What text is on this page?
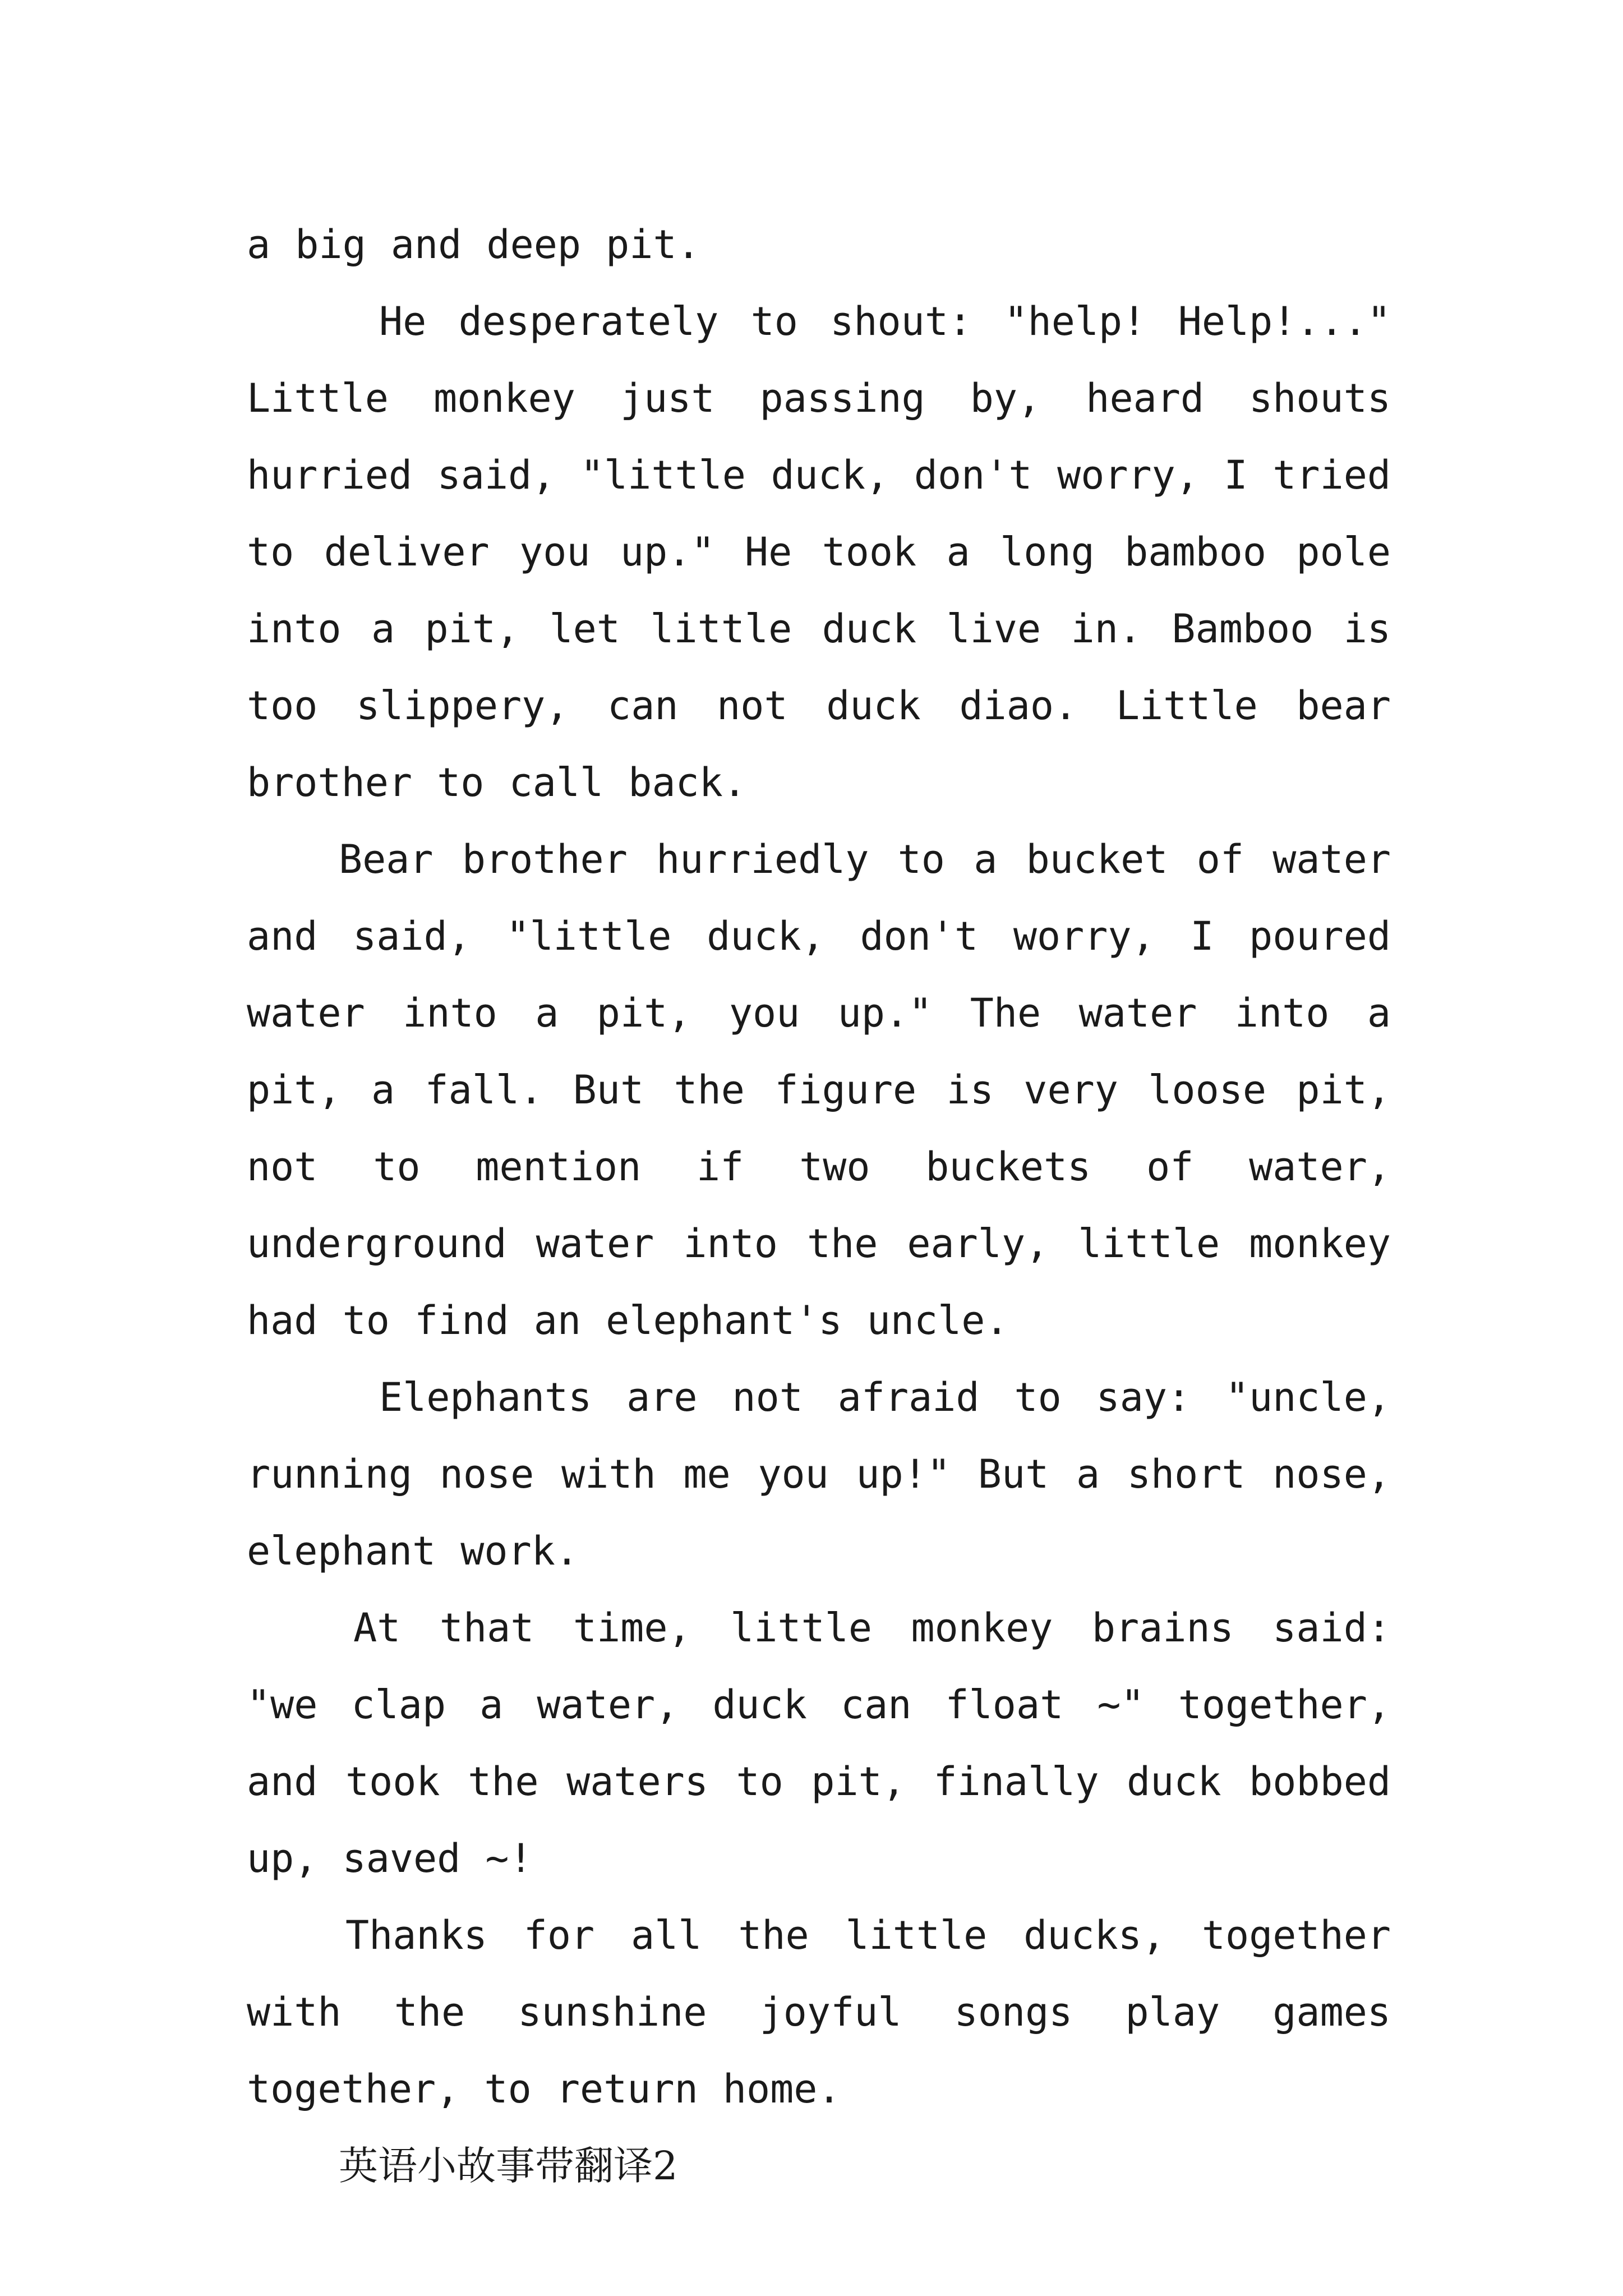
a big and deep pit.

He desperately to shout: "help! Help!..." Little monkey just passing by, heard shouts hurried said, "little duck, don't worry, I tried to deliver you up." He took a long bamboo pole into a pit, let little duck live in. Bamboo is too slippery, can not duck diao. Little bear brother to call back.

Bear brother hurriedly to a bucket of water and said, "little duck, don't worry, I poured water into a pit, you up." The water into a pit, a fall. But the figure is very loose pit, not to mention if two buckets of water, underground water into the early, little monkey had to find an elephant's uncle.

Elephants are not afraid to say: "uncle, running nose with me you up!" But a short nose, elephant work.

At that time, little monkey brains said: "we clap a water, duck can float ~" together, and took the waters to pit, finally duck bobbed up, saved ~!

Thanks for all the little ducks, together with the sunshine joyful songs play games together, to return home.

英语小故事带翻译2
